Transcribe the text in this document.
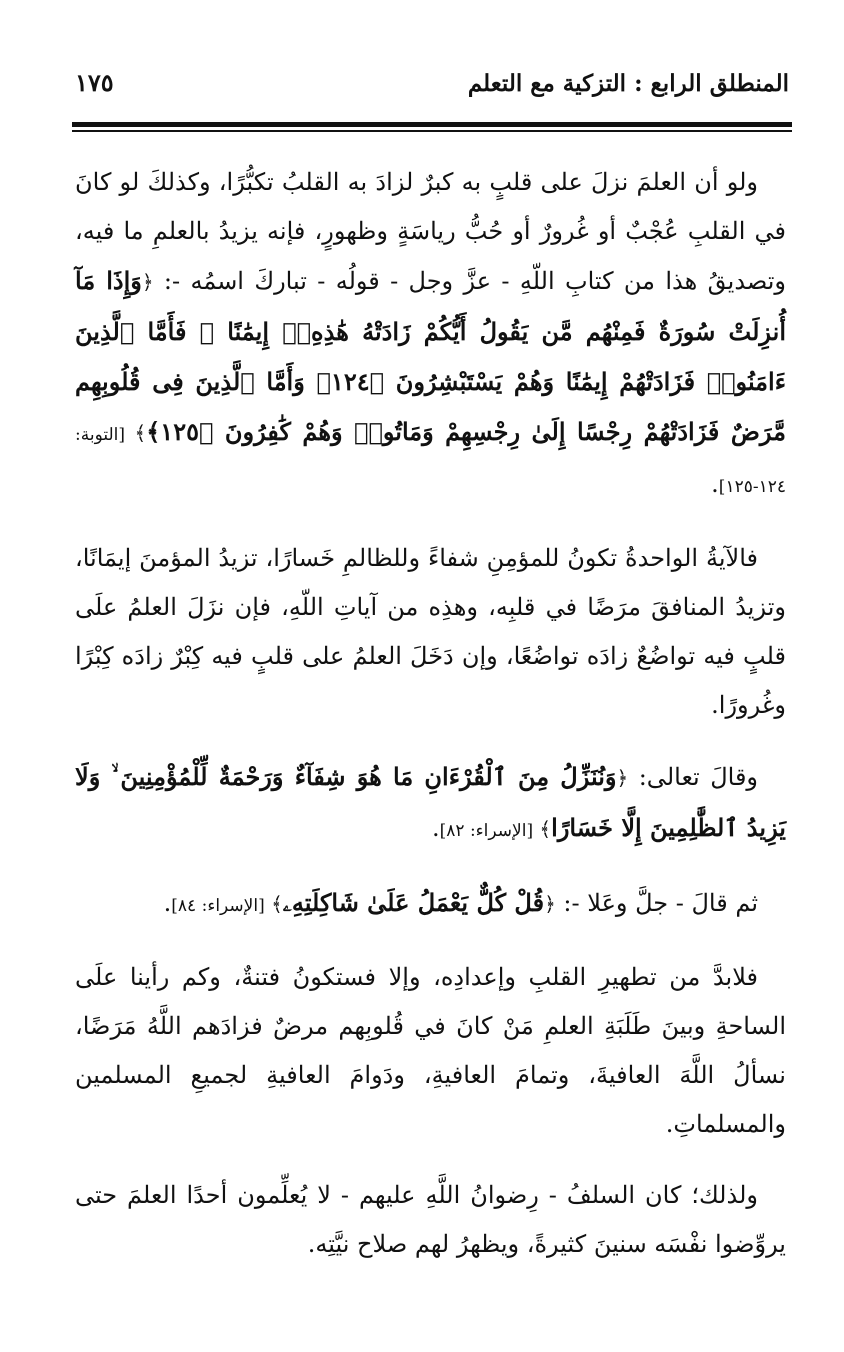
المنطلق الرابع : التزكية مع التعلم
١٧٥

ولو أن العلمَ نزلَ على قلبٍ به كبرٌ لزادَ به القلبُ تكبُّرًا، وكذلكَ لو كانَ في القلبِ عُجْبٌ أو غُرورٌ أو حُبُّ رياسَةٍ وظهورٍ، فإنه يزيدُ بالعلمِ ما فيه، وتصديقُ هذا من كتابِ اللّهِ - عزَّ وجل - قولُه - تباركَ اسمُه -: ﴿وَإِذَا مَآ أُنزِلَتْ سُورَةٌ فَمِنْهُم مَّن يَقُولُ أَيُّكُمْ زَادَتْهُ هَٰذِهِۦٓ إِيمَٰنًا ۚ فَأَمَّا ٱلَّذِينَ ءَامَنُوا۟ فَزَادَتْهُمْ إِيمَٰنًا وَهُمْ يَسْتَبْشِرُونَ ﴿١٢٤﴾ وَأَمَّا ٱلَّذِينَ فِى قُلُوبِهِم مَّرَضٌ فَزَادَتْهُمْ رِجْسًا إِلَىٰ رِجْسِهِمْ وَمَاتُوا۟ وَهُمْ كَٰفِرُونَ ﴿١٢٥﴾﴾ [التوبة: ١٢٤-١٢٥].

فالآيةُ الواحدةُ تكونُ للمؤمِنِ شفاءً وللظالمِ خَسارًا، تزيدُ المؤمنَ إيمَانًا، وتزيدُ المنافقَ مرَضًا في قلبِه، وهذِه من آياتِ اللّهِ، فإن نزَلَ العلمُ علَى قلبٍ فيه تواضُعٌ زادَه تواضُعًا، وإن دَخَلَ العلمُ على قلبٍ فيه كِبْرٌ زادَه كِبْرًا وغُرورًا.

وقالَ تعالى: ﴿وَنُنَزِّلُ مِنَ ٱلْقُرْءَانِ مَا هُوَ شِفَآءٌ وَرَحْمَةٌ لِّلْمُؤْمِنِينَ ۙ وَلَا يَزِيدُ ٱلظَّٰلِمِينَ إِلَّا خَسَارًا﴾ [الإسراء: ٨٢].

ثم قالَ - جلَّ وعَلا -: ﴿قُلْ كُلٌّ يَعْمَلُ عَلَىٰ شَاكِلَتِهِۦ﴾ [الإسراء: ٨٤].

فلابدَّ من تطهيرِ القلبِ وإعدادِه، وإلا فستكونُ فتنةٌ، وكم رأينا علَى الساحةِ وبينَ طَلَبَةِ العلمِ مَنْ كانَ في قُلوبِهم مرضٌ فزادَهم اللَّهُ مَرَضًا، نسألُ اللَّهَ العافيةَ، وتمامَ العافيةِ، ودَوامَ العافيةِ لجميعِ المسلمين والمسلماتِ.

ولذلك؛ كان السلفُ - رِضوانُ اللَّهِ عليهم - لا يُعلِّمون أحدًا العلمَ حتى يروِّضوا نفْسَه سنينَ كثيرةً، ويظهرُ لهم صلاح نيَّتِه.
